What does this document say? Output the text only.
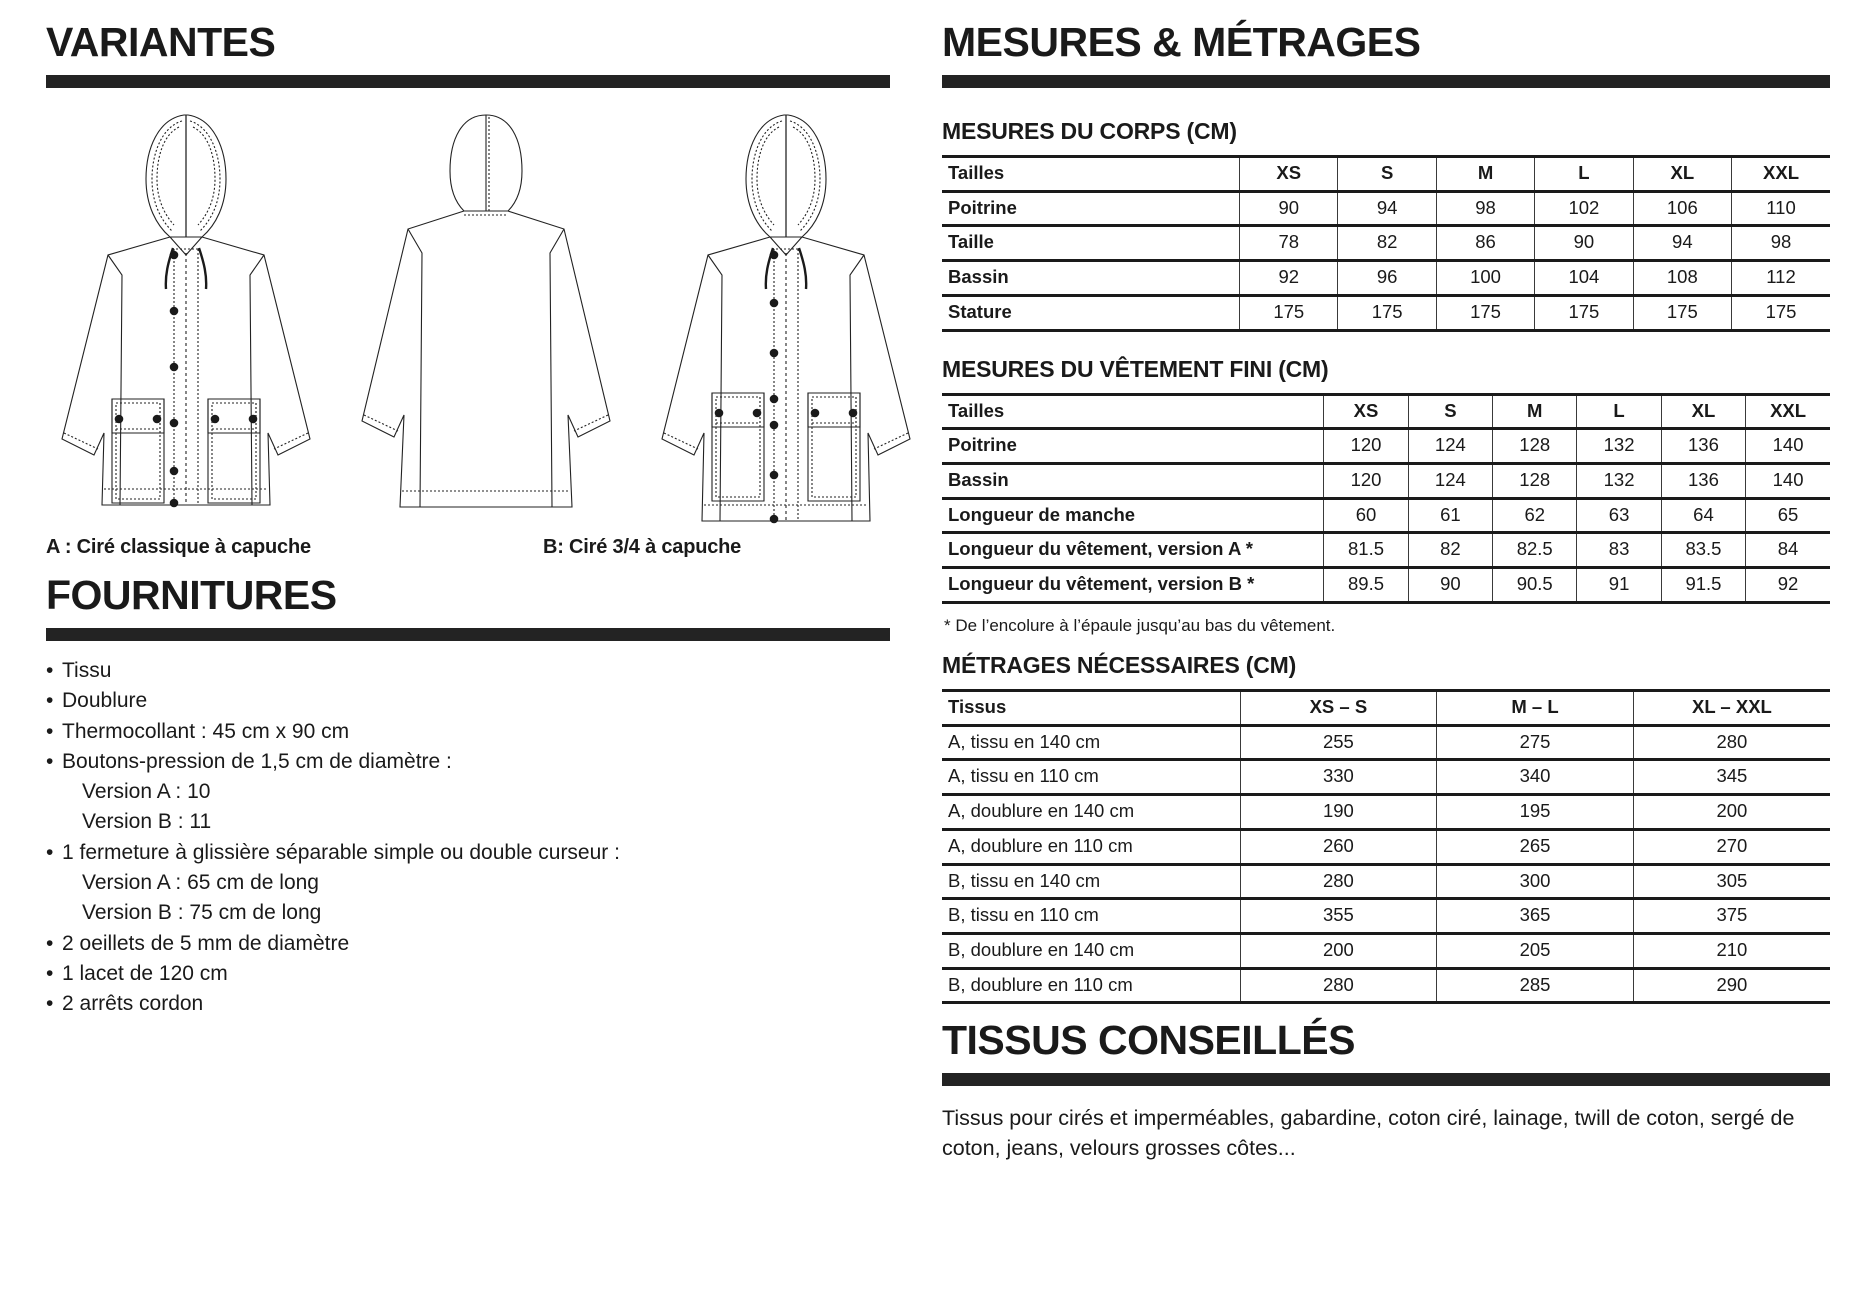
VARIANTES
A : Ciré classique à capuche	B: Ciré 3/4 à capuche
FOURNITURES
• Tissu
• Doublure
• Thermocollant : 45 cm x 90 cm
• Boutons-pression de 1,5 cm de diamètre :
Version A : 10
Version B : 11
• 1 fermeture à glissière séparable simple ou double curseur :
Version A : 65 cm de long
Version B : 75 cm de long
• 2 oeillets de 5 mm de diamètre
• 1 lacet de 120 cm
• 2 arrêts cordon
MESURES & MÉTRAGES
MESURES DU CORPS (CM)
Tailles	XS	S	M	L	XL	XXL
Poitrine	90	94	98	102	106	110
Taille	78	82	86	90	94	98
Bassin	92	96	100	104	108	112
Stature	175	175	175	175	175	175
MESURES DU VÊTEMENT FINI (CM)
Tailles	XS	S	M	L	XL	XXL
Poitrine	120	124	128	132	136	140
Bassin	120	124	128	132	136	140
Longueur de manche	60	61	62	63	64	65
Longueur du vêtement, version A *	81.5	82	82.5	83	83.5	84
Longueur du vêtement, version B *	89.5	90	90.5	91	91.5	92
* De l’encolure à l’épaule jusqu’au bas du vêtement.
MÉTRAGES NÉCESSAIRES (CM)
Tissus	XS – S	M – L	XL – XXL
A, tissu en 140 cm	255	275	280
A, tissu en 110 cm	330	340	345
A, doublure en 140 cm	190	195	200
A, doublure en 110 cm	260	265	270
B, tissu en 140 cm	280	300	305
B, tissu en 110 cm	355	365	375
B, doublure en 140 cm	200	205	210
B, doublure en 110 cm	280	285	290
TISSUS CONSEILLÉS
Tissus pour cirés et imperméables, gabardine, coton ciré, lainage, twill de coton, sergé de coton, jeans, velours grosses côtes...
